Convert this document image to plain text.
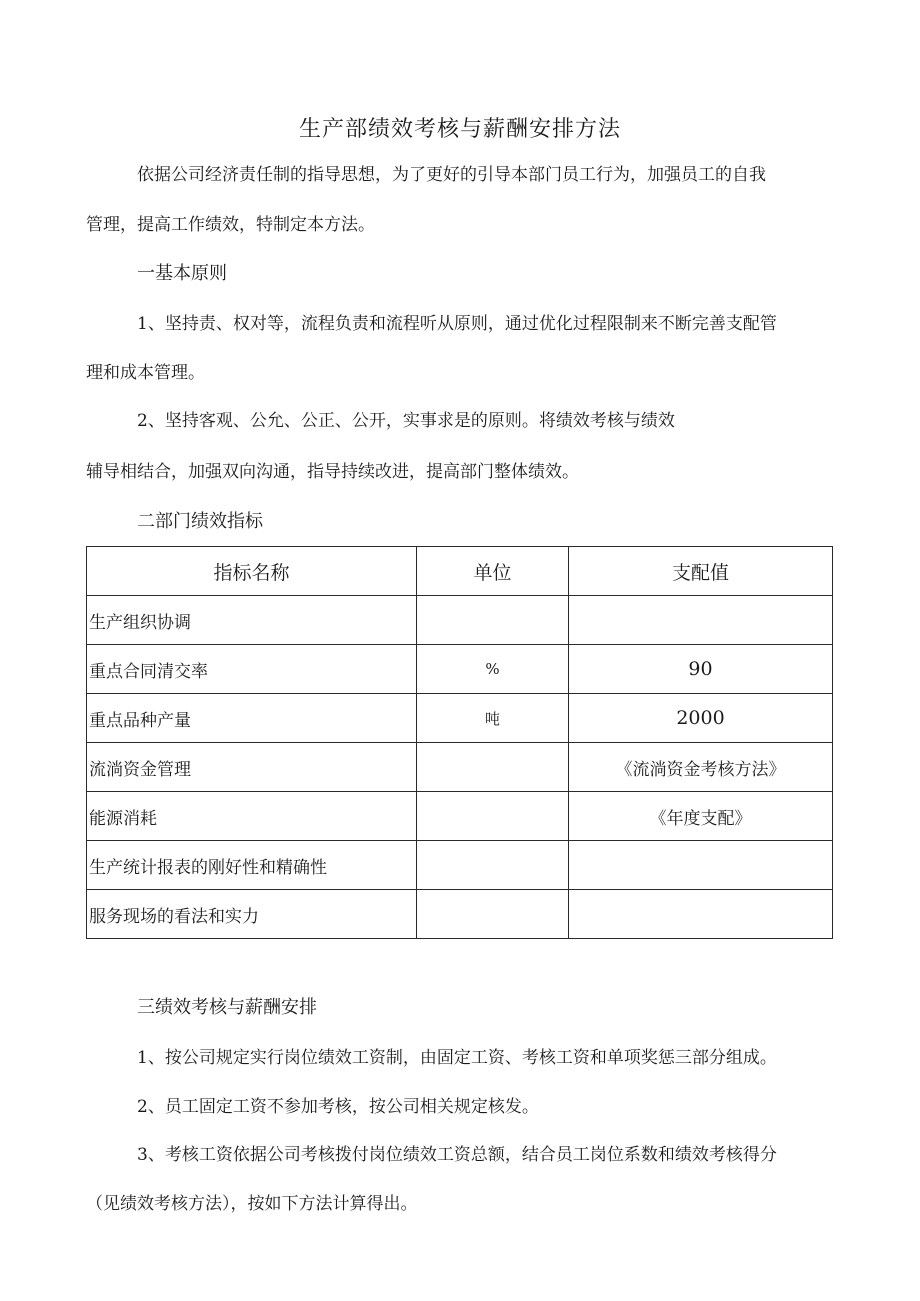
生产部绩效考核与薪酬安排方法
依据公司经济责任制的指导思想，为了更好的引导本部门员工行为，加强员工的自我
管理，提高工作绩效，特制定本方法。
一基本原则
1、坚持责、权对等，流程负责和流程听从原则，通过优化过程限制来不断完善支配管
理和成本管理。
2、坚持客观、公允、公正、公开，实事求是的原则。将绩效考核与绩效
辅导相结合，加强双向沟通，指导持续改进，提高部门整体绩效。
二部门绩效指标
指标名称	单位	支配值
生产组织协调		
重点合同清交率	%	90
重点品种产量	吨	2000
流淌资金管理		《流淌资金考核方法》
能源消耗		《年度支配》
生产统计报表的刚好性和精确性		
服务现场的看法和实力		
三绩效考核与薪酬安排
1、按公司规定实行岗位绩效工资制，由固定工资、考核工资和单项奖惩三部分组成。
2、员工固定工资不参加考核，按公司相关规定核发。
3、考核工资依据公司考核拨付岗位绩效工资总额，结合员工岗位系数和绩效考核得分
（见绩效考核方法），按如下方法计算得出。
